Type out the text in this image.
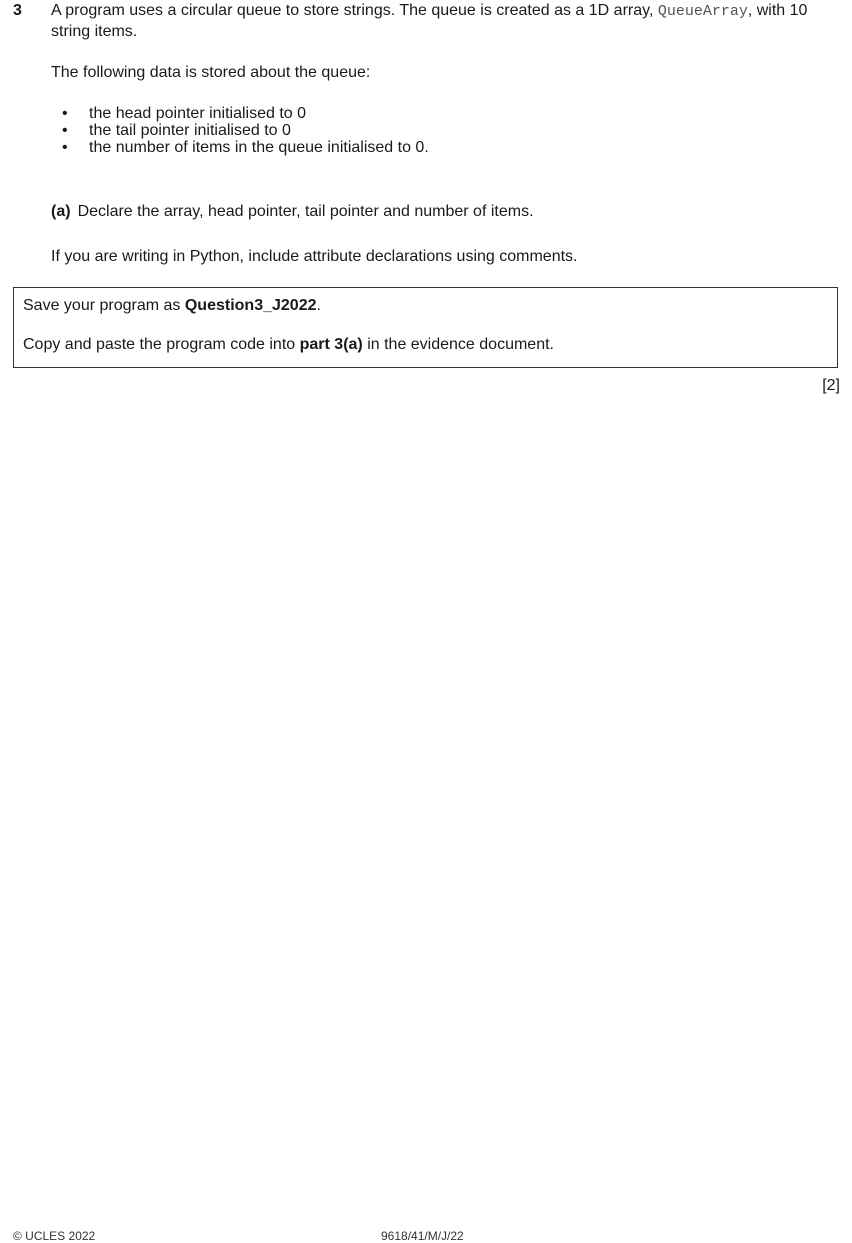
3 A program uses a circular queue to store strings. The queue is created as a 1D array, QueueArray, with 10 string items.

The following data is stored about the queue:

• the head pointer initialised to 0
• the tail pointer initialised to 0
• the number of items in the queue initialised to 0.

(a) Declare the array, head pointer, tail pointer and number of items.

If you are writing in Python, include attribute declarations using comments.

Save your program as Question3_J2022.

Copy and paste the program code into part 3(a) in the evidence document.

[2]
© UCLES 2022	9618/41/M/J/22
